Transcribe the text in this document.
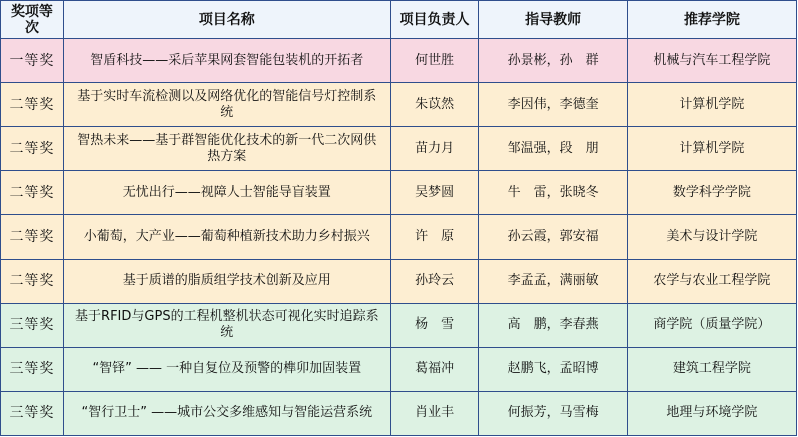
奖项等次	项目名称	项目负责人	指导教师	推荐学院
一等奖	智盾科技——采后苹果网套智能包装机的开拓者	何世胜	孙景彬，孙　群	机械与汽车工程学院
二等奖	基于实时车流检测以及网络优化的智能信号灯控制系统	朱苡然	李因伟，李德奎	计算机学院
二等奖	智热未来——基于群智能优化技术的新一代二次网供热方案	苗力月	邹温强，段　朋	计算机学院
二等奖	无忧出行——视障人士智能导盲装置	吴梦圆	牛　雷，张晓冬	数学科学学院
二等奖	小葡萄，大产业——葡萄种植新技术助力乡村振兴	许　原	孙云霞，郭安福	美术与设计学院
二等奖	基于质谱的脂质组学技术创新及应用	孙玲云	李孟孟，满丽敏	农学与农业工程学院
三等奖	基于RFID与GPS的工程机整机状态可视化实时追踪系统	杨　雪	高　鹏，李春燕	商学院（质量学院）
三等奖	“智铎” —— 一种自复位及预警的榫卯加固装置	葛福冲	赵鹏飞，孟昭博	建筑工程学院
三等奖	“智行卫士” ——城市公交多维感知与智能运营系统	肖业丰	何振芳，马雪梅	地理与环境学院
